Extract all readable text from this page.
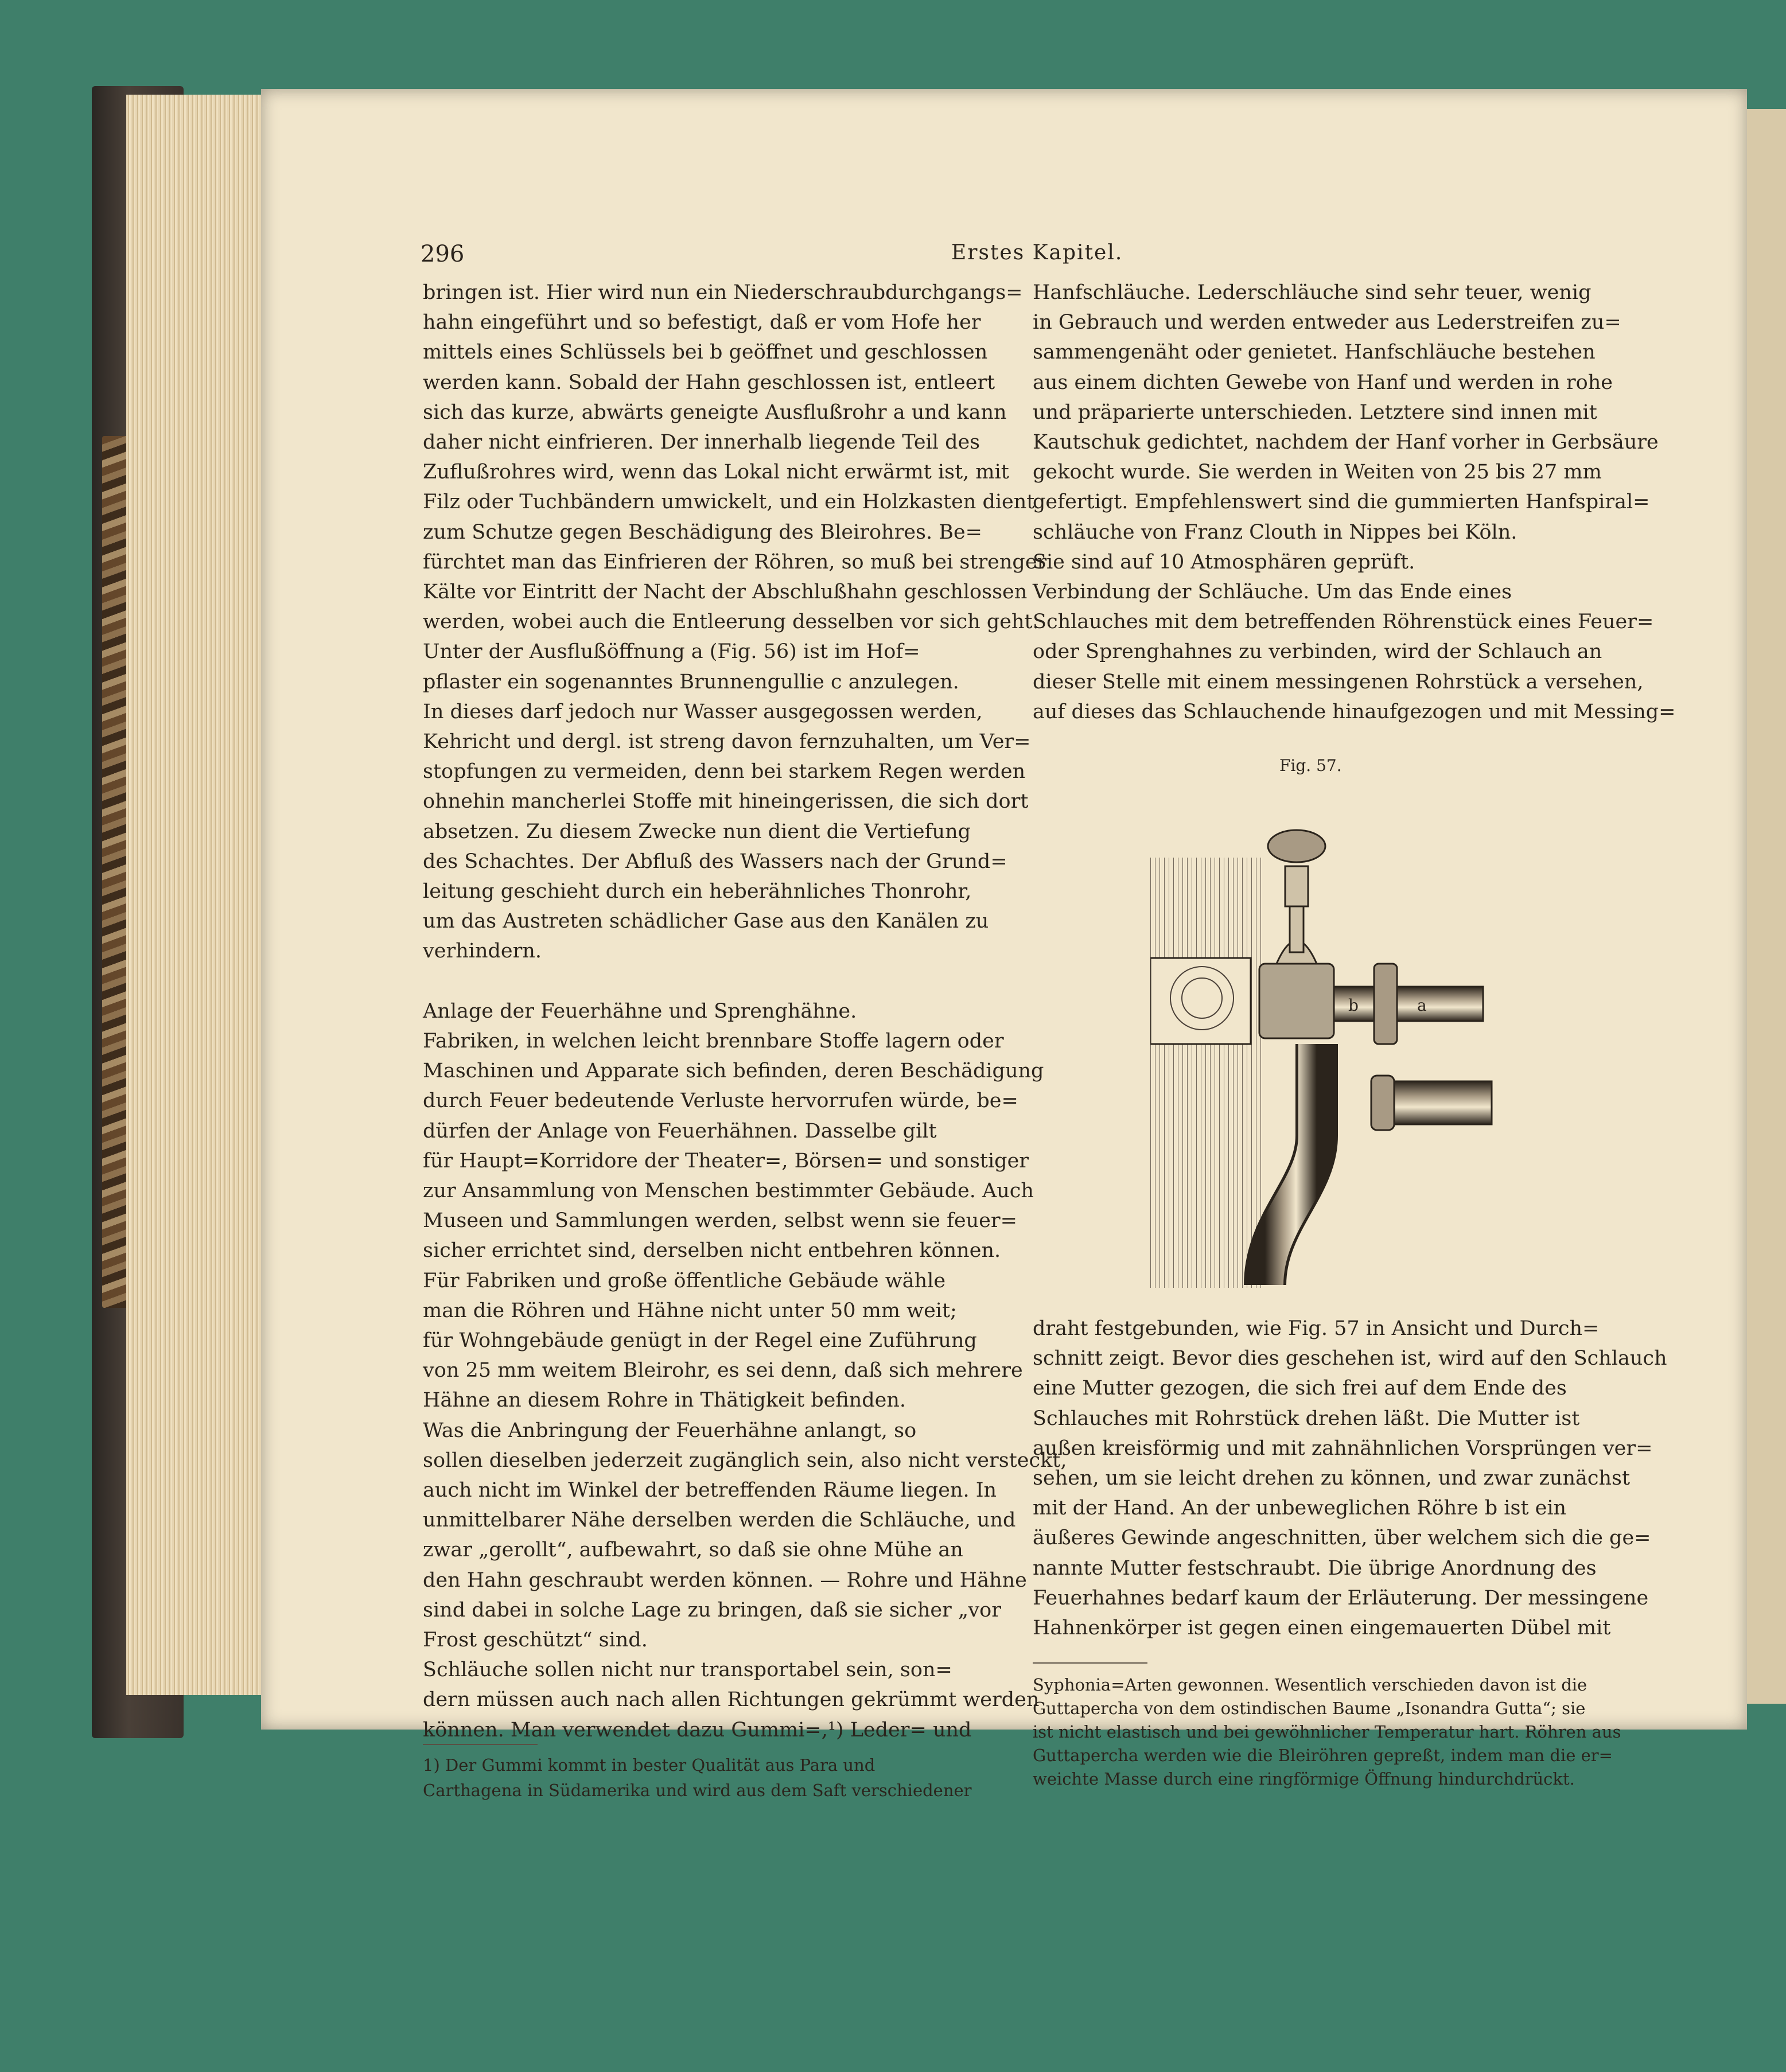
296	Erstes Kapitel.
bringen ist. Hier wird nun ein Niederschraubdurchgangs=
hahn eingeführt und so befestigt, daß er vom Hofe her
mittels eines Schlüssels bei b geöffnet und geschlossen
werden kann. Sobald der Hahn geschlossen ist, entleert
sich das kurze, abwärts geneigte Ausflußrohr a und kann
daher nicht einfrieren. Der innerhalb liegende Teil des
Zuflußrohres wird, wenn das Lokal nicht erwärmt ist, mit
Filz oder Tuchbändern umwickelt, und ein Holzkasten dient
zum Schutze gegen Beschädigung des Bleirohres. Be=
fürchtet man das Einfrieren der Röhren, so muß bei strenger
Kälte vor Eintritt der Nacht der Abschlußhahn geschlossen
werden, wobei auch die Entleerung desselben vor sich geht.
Unter der Ausflußöffnung a (Fig. 56) ist im Hof=
pflaster ein sogenanntes Brunnengullie c anzulegen.
In dieses darf jedoch nur Wasser ausgegossen werden,
Kehricht und dergl. ist streng davon fernzuhalten, um Ver=
stopfungen zu vermeiden, denn bei starkem Regen werden
ohnehin mancherlei Stoffe mit hineingerissen, die sich dort
absetzen. Zu diesem Zwecke nun dient die Vertiefung
des Schachtes. Der Abfluß des Wassers nach der Grund=
leitung geschieht durch ein heberähnliches Thonrohr,
um das Austreten schädlicher Gase aus den Kanälen zu
verhindern.
Anlage der Feuerhähne und Sprenghähne.
Fabriken, in welchen leicht brennbare Stoffe lagern oder
Maschinen und Apparate sich befinden, deren Beschädigung
durch Feuer bedeutende Verluste hervorrufen würde, be=
dürfen der Anlage von Feuerhähnen. Dasselbe gilt
für Haupt=Korridore der Theater=, Börsen= und sonstiger
zur Ansammlung von Menschen bestimmter Gebäude. Auch
Museen und Sammlungen werden, selbst wenn sie feuer=
sicher errichtet sind, derselben nicht entbehren können.
Für Fabriken und große öffentliche Gebäude wähle
man die Röhren und Hähne nicht unter 50 mm weit;
für Wohngebäude genügt in der Regel eine Zuführung
von 25 mm weitem Bleirohr, es sei denn, daß sich mehrere
Hähne an diesem Rohre in Thätigkeit befinden.
Was die Anbringung der Feuerhähne anlangt, so
sollen dieselben jederzeit zugänglich sein, also nicht versteckt,
auch nicht im Winkel der betreffenden Räume liegen. In
unmittelbarer Nähe derselben werden die Schläuche, und
zwar „gerollt“, aufbewahrt, so daß sie ohne Mühe an
den Hahn geschraubt werden können. — Rohre und Hähne
sind dabei in solche Lage zu bringen, daß sie sicher „vor
Frost geschützt“ sind.
Schläuche sollen nicht nur transportabel sein, son=
dern müssen auch nach allen Richtungen gekrümmt werden
können. Man verwendet dazu Gummi=,¹) Leder= und
Hanfschläuche. Lederschläuche sind sehr teuer, wenig
in Gebrauch und werden entweder aus Lederstreifen zu=
sammengenäht oder genietet. Hanfschläuche bestehen
aus einem dichten Gewebe von Hanf und werden in rohe
und präparierte unterschieden. Letztere sind innen mit
Kautschuk gedichtet, nachdem der Hanf vorher in Gerbsäure
gekocht wurde. Sie werden in Weiten von 25 bis 27 mm
gefertigt. Empfehlenswert sind die gummierten Hanfspiral=
schläuche von Franz Clouth in Nippes bei Köln.
Sie sind auf 10 Atmosphären geprüft.
Verbindung der Schläuche. Um das Ende eines
Schlauches mit dem betreffenden Röhrenstück eines Feuer=
oder Sprenghahnes zu verbinden, wird der Schlauch an
dieser Stelle mit einem messingenen Rohrstück a versehen,
auf dieses das Schlauchende hinaufgezogen und mit Messing=
1) Der Gummi kommt in bester Qualität aus Para und
Carthagena in Südamerika und wird aus dem Saft verschiedener
Fig. 57.
b	a
draht festgebunden, wie Fig. 57 in Ansicht und Durch=
schnitt zeigt. Bevor dies geschehen ist, wird auf den Schlauch
eine Mutter gezogen, die sich frei auf dem Ende des
Schlauches mit Rohrstück drehen läßt. Die Mutter ist
außen kreisförmig und mit zahnähnlichen Vorsprüngen ver=
sehen, um sie leicht drehen zu können, und zwar zunächst
mit der Hand. An der unbeweglichen Röhre b ist ein
äußeres Gewinde angeschnitten, über welchem sich die ge=
nannte Mutter festschraubt. Die übrige Anordnung des
Feuerhahnes bedarf kaum der Erläuterung. Der messingene
Hahnenkörper ist gegen einen eingemauerten Dübel mit
Syphonia=Arten gewonnen. Wesentlich verschieden davon ist die
Guttapercha von dem ostindischen Baume „Isonandra Gutta“; sie
ist nicht elastisch und bei gewöhnlicher Temperatur hart. Röhren aus
Guttapercha werden wie die Bleiröhren gepreßt, indem man die er=
weichte Masse durch eine ringförmige Öffnung hindurchdrückt.
